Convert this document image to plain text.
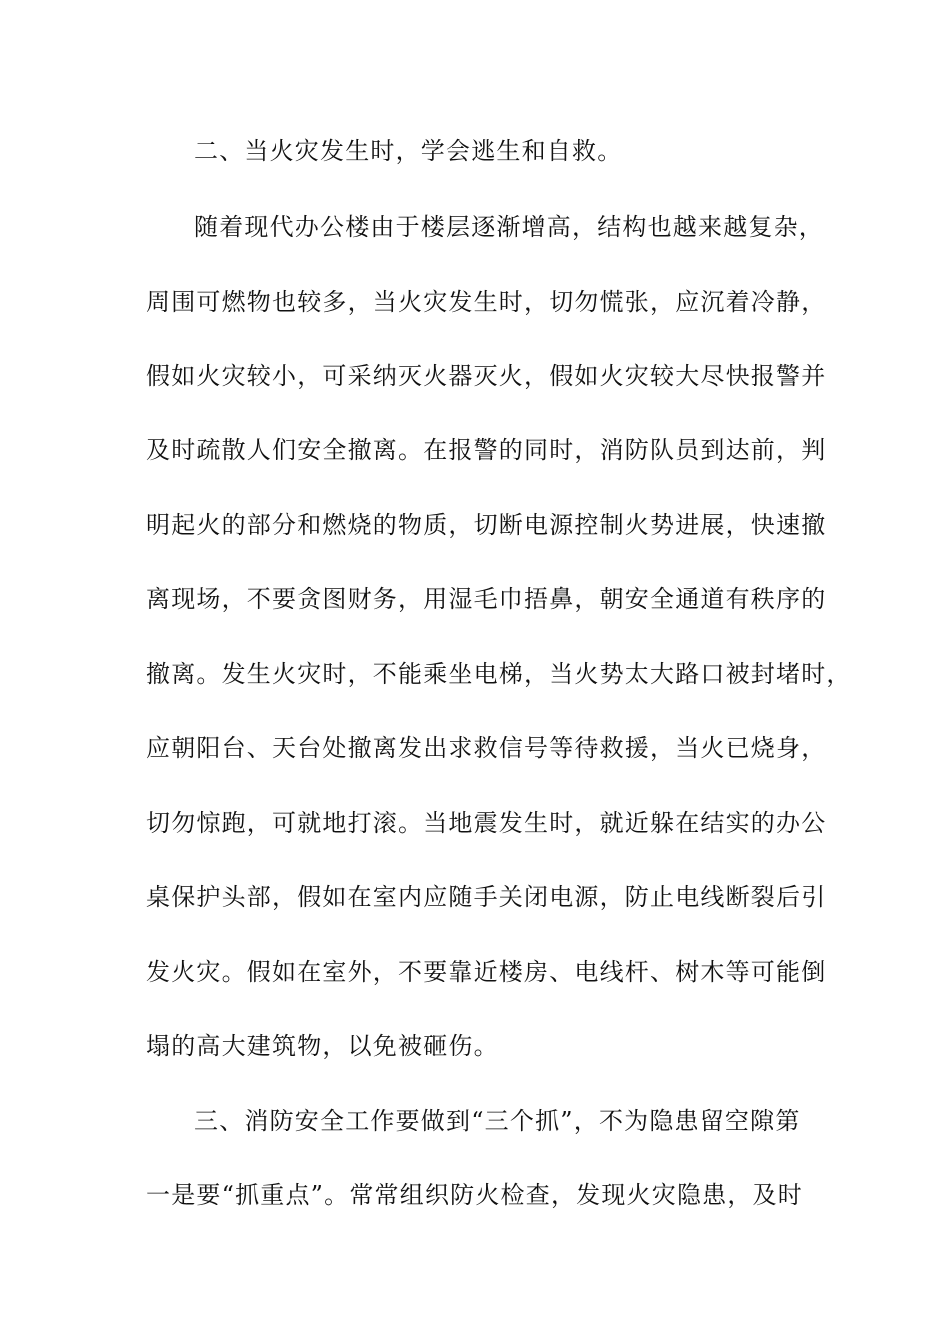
二、当火灾发生时，学会逃生和自救。
随着现代办公楼由于楼层逐渐增高，结构也越来越复杂，
周围可燃物也较多，当火灾发生时，切勿慌张，应沉着冷静，
假如火灾较小，可采纳灭火器灭火，假如火灾较大尽快报警并
及时疏散人们安全撤离。在报警的同时，消防队员到达前，判
明起火的部分和燃烧的物质，切断电源控制火势进展，快速撤
离现场，不要贪图财务，用湿毛巾捂鼻，朝安全通道有秩序的
撤离。发生火灾时，不能乘坐电梯，当火势太大路口被封堵时，
应朝阳台、天台处撤离发出求救信号等待救援，当火已烧身，
切勿惊跑，可就地打滚。当地震发生时，就近躲在结实的办公
桌保护头部，假如在室内应随手关闭电源，防止电线断裂后引
发火灾。假如在室外，不要靠近楼房、电线杆、树木等可能倒
塌的高大建筑物，以免被砸伤。
三、消防安全工作要做到“三个抓”，不为隐患留空隙第
一是要“抓重点”。常常组织防火检查，发现火灾隐患，及时
